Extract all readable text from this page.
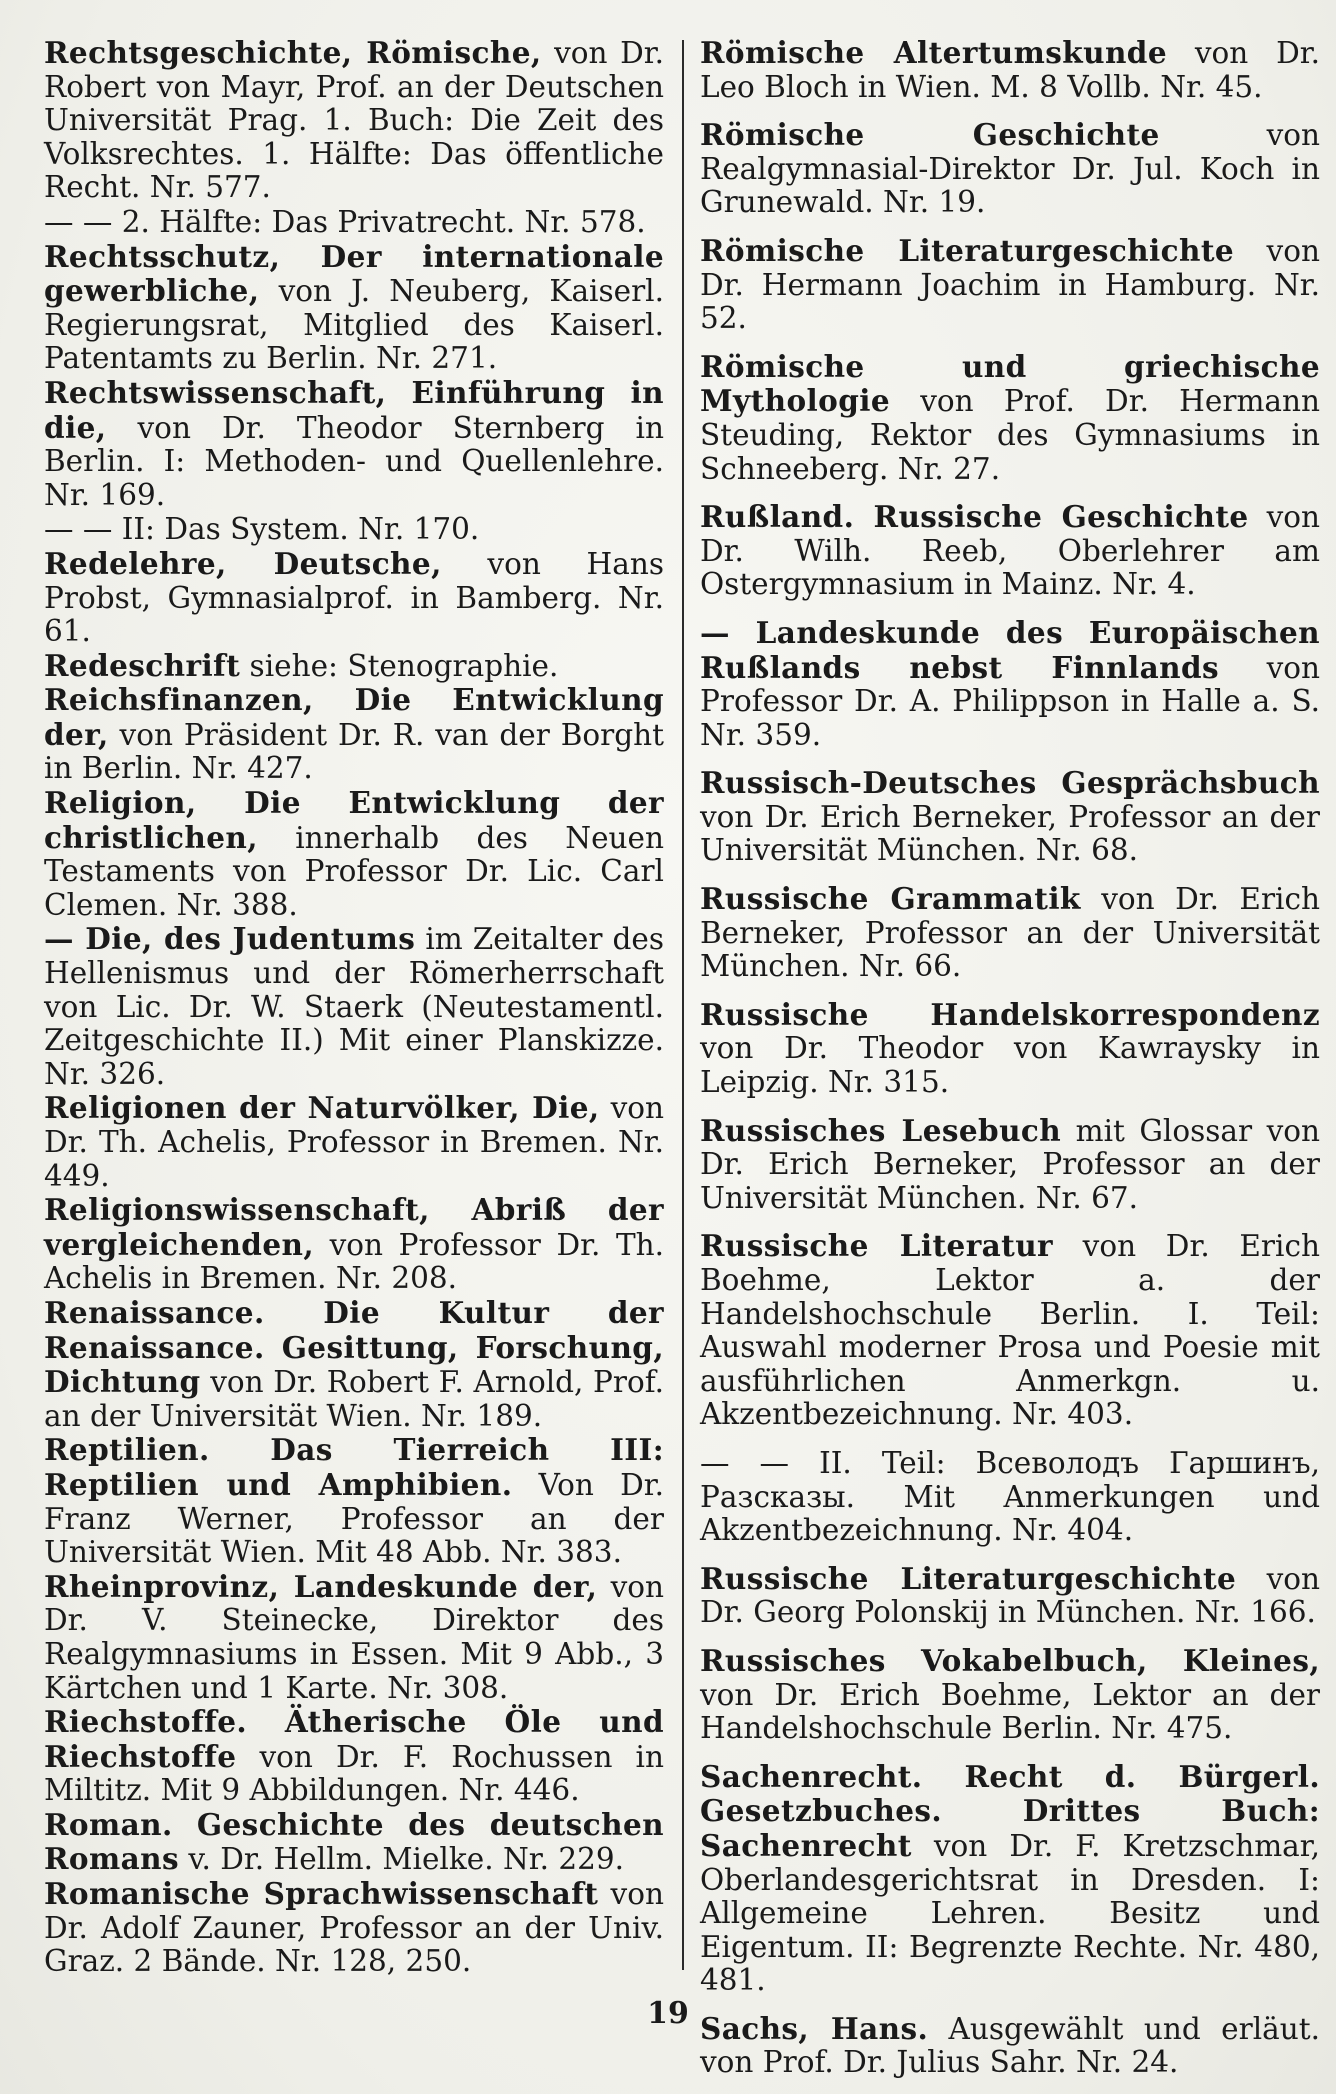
Rechtsgeschichte, Römische, von Dr. Robert von Mayr, Prof. an der Deutschen Universität Prag. 1. Buch: Die Zeit des Volksrechtes. 1. Hälfte: Das öffentliche Recht. Nr. 577.
— — 2. Hälfte: Das Privatrecht. Nr. 578.
Rechtsschutz, Der internationale gewerbliche, von J. Neuberg, Kaiserl. Regierungsrat, Mitglied des Kaiserl. Patentamts zu Berlin. Nr. 271.
Rechtswissenschaft, Einführung in die, von Dr. Theodor Sternberg in Berlin. I: Methoden- und Quellenlehre. Nr. 169.
— — II: Das System. Nr. 170.
Redelehre, Deutsche, von Hans Probst, Gymnasialprof. in Bamberg. Nr. 61.
Redeschrift siehe: Stenographie.
Reichsfinanzen, Die Entwicklung der, von Präsident Dr. R. van der Borght in Berlin. Nr. 427.
Religion, Die Entwicklung der christlichen, innerhalb des Neuen Testaments von Professor Dr. Lic. Carl Clemen. Nr. 388.
— Die, des Judentums im Zeitalter des Hellenismus und der Römerherrschaft von Lic. Dr. W. Staerk (Neutestamentl. Zeitgeschichte II.) Mit einer Planskizze. Nr. 326.
Religionen der Naturvölker, Die, von Dr. Th. Achelis, Professor in Bremen. Nr. 449.
Religionswissenschaft, Abriß der vergleichenden, von Professor Dr. Th. Achelis in Bremen. Nr. 208.
Renaissance. Die Kultur der Renaissance. Gesittung, Forschung, Dichtung von Dr. Robert F. Arnold, Prof. an der Universität Wien. Nr. 189.
Reptilien. Das Tierreich III: Reptilien und Amphibien. Von Dr. Franz Werner, Professor an der Universität Wien. Mit 48 Abb. Nr. 383.
Rheinprovinz, Landeskunde der, von Dr. V. Steinecke, Direktor des Realgymnasiums in Essen. Mit 9 Abb., 3 Kärtchen und 1 Karte. Nr. 308.
Riechstoffe. Ätherische Öle und Riechstoffe von Dr. F. Rochussen in Miltitz. Mit 9 Abbildungen. Nr. 446.
Roman. Geschichte des deutschen Romans v. Dr. Hellm. Mielke. Nr. 229.
Romanische Sprachwissenschaft von Dr. Adolf Zauner, Professor an der Univ. Graz. 2 Bände. Nr. 128, 250.
Römische Altertumskunde von Dr. Leo Bloch in Wien. M. 8 Vollb. Nr. 45.
Römische Geschichte von Realgymnasial-Direktor Dr. Jul. Koch in Grunewald. Nr. 19.
Römische Literaturgeschichte von Dr. Hermann Joachim in Hamburg. Nr. 52.
Römische und griechische Mythologie von Prof. Dr. Hermann Steuding, Rektor des Gymnasiums in Schneeberg. Nr. 27.
Rußland. Russische Geschichte von Dr. Wilh. Reeb, Oberlehrer am Ostergymnasium in Mainz. Nr. 4.
— Landeskunde des Europäischen Rußlands nebst Finnlands von Professor Dr. A. Philippson in Halle a. S. Nr. 359.
Russisch-Deutsches Gesprächsbuch von Dr. Erich Berneker, Professor an der Universität München. Nr. 68.
Russische Grammatik von Dr. Erich Berneker, Professor an der Universität München. Nr. 66.
Russische Handelskorrespondenz von Dr. Theodor von Kawraysky in Leipzig. Nr. 315.
Russisches Lesebuch mit Glossar von Dr. Erich Berneker, Professor an der Universität München. Nr. 67.
Russische Literatur von Dr. Erich Boehme, Lektor a. der Handelshochschule Berlin. I. Teil: Auswahl moderner Prosa und Poesie mit ausführlichen Anmerkgn. u. Akzentbezeichnung. Nr. 403.
— — II. Teil: Всеволодъ Гаршинъ, Разсказы. Mit Anmerkungen und Akzentbezeichnung. Nr. 404.
Russische Literaturgeschichte von Dr. Georg Polonskij in München. Nr. 166.
Russisches Vokabelbuch, Kleines, von Dr. Erich Boehme, Lektor an der Handelshochschule Berlin. Nr. 475.
Sachenrecht. Recht d. Bürgerl. Gesetzbuches. Drittes Buch: Sachenrecht von Dr. F. Kretzschmar, Oberlandesgerichtsrat in Dresden. I: Allgemeine Lehren. Besitz und Eigentum. II: Begrenzte Rechte. Nr. 480, 481.
Sachs, Hans. Ausgewählt und erläut. von Prof. Dr. Julius Sahr. Nr. 24.
19
